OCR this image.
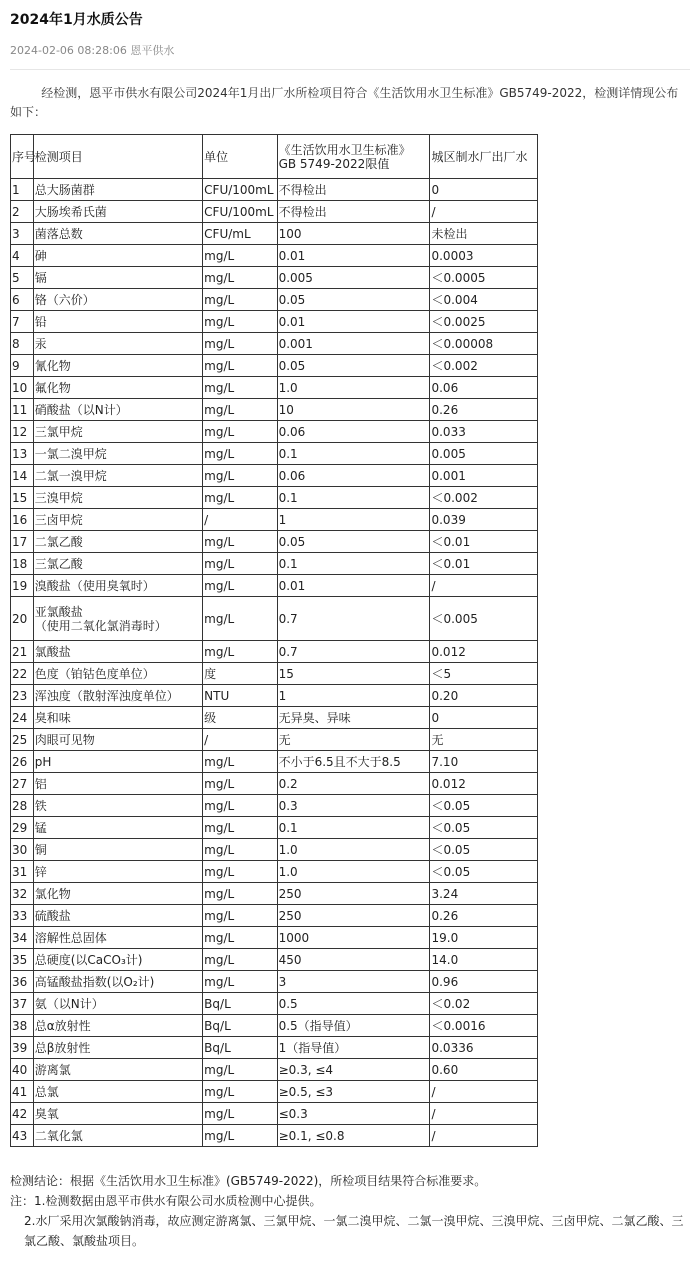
2024年1月水质公告
2024-02-06 08:28:06 恩平供水

经检测，恩平市供水有限公司2024年1月出厂水所检项目符合《生活饮用水卫生标准》GB5749-2022，检测详情现公布如下：

序号	检测项目	单位	《生活饮用水卫生标准》
GB 5749-2022限值	城区制水厂出厂水
1	总大肠菌群	CFU/100mL	不得检出	0
2	大肠埃希氏菌	CFU/100mL	不得检出	/
3	菌落总数	CFU/mL	100	未检出
4	砷	mg/L	0.01	0.0003
5	镉	mg/L	0.005	＜0.0005
6	铬（六价）	mg/L	0.05	＜0.004
7	铅	mg/L	0.01	＜0.0025
8	汞	mg/L	0.001	＜0.00008
9	氰化物	mg/L	0.05	＜0.002
10	氟化物	mg/L	1.0	0.06
11	硝酸盐（以N计）	mg/L	10	0.26
12	三氯甲烷	mg/L	0.06	0.033
13	一氯二溴甲烷	mg/L	0.1	0.005
14	二氯一溴甲烷	mg/L	0.06	0.001
15	三溴甲烷	mg/L	0.1	＜0.002
16	三卤甲烷	/	1	0.039
17	二氯乙酸	mg/L	0.05	＜0.01
18	三氯乙酸	mg/L	0.1	＜0.01
19	溴酸盐（使用臭氧时）	mg/L	0.01	/
20	亚氯酸盐
（使用二氧化氯消毒时）	mg/L	0.7	＜0.005
21	氯酸盐	mg/L	0.7	0.012
22	色度（铂钴色度单位）	度	15	＜5
23	浑浊度（散射浑浊度单位）	NTU	1	0.20
24	臭和味	级	无异臭、异味	0
25	肉眼可见物	/	无	无
26	pH	mg/L	不小于6.5且不大于8.5	7.10
27	铝	mg/L	0.2	0.012
28	铁	mg/L	0.3	＜0.05
29	锰	mg/L	0.1	＜0.05
30	铜	mg/L	1.0	＜0.05
31	锌	mg/L	1.0	＜0.05
32	氯化物	mg/L	250	3.24
33	硫酸盐	mg/L	250	0.26
34	溶解性总固体	mg/L	1000	19.0
35	总硬度(以CaCO₃计)	mg/L	450	14.0
36	高锰酸盐指数(以O₂计)	mg/L	3	0.96
37	氨（以N计）	Bq/L	0.5	＜0.02
38	总α放射性	Bq/L	0.5（指导值）	＜0.0016
39	总β放射性	Bq/L	1（指导值）	0.0336
40	游离氯	mg/L	≥0.3, ≤4	0.60
41	总氯	mg/L	≥0.5, ≤3	/
42	臭氧	mg/L	≤0.3	/
43	二氧化氯	mg/L	≥0.1, ≤0.8	/

检测结论：根据《生活饮用水卫生标准》(GB5749-2022)，所检项目结果符合标准要求。

注：1.检测数据由恩平市供水有限公司水质检测中心提供。

2.水厂采用次氯酸钠消毒，故应测定游离氯、三氯甲烷、一氯二溴甲烷、二氯一溴甲烷、三溴甲烷、三卤甲烷、二氯乙酸、三氯乙酸、氯酸盐项目。
